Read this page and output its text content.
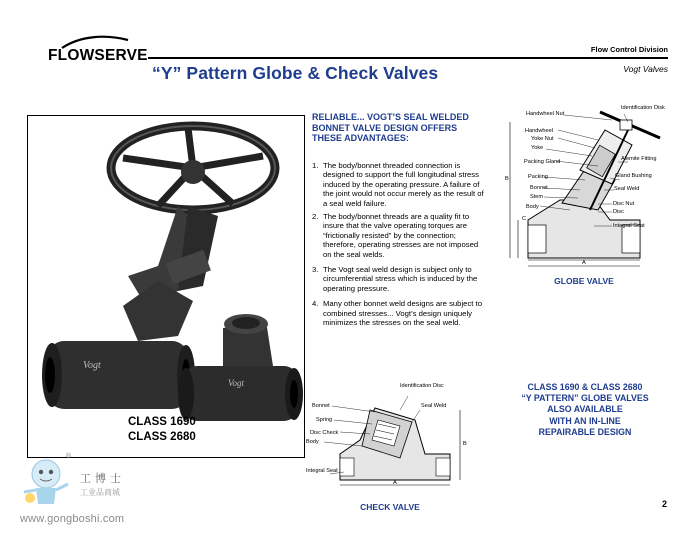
FLOWSERVE	Flow Control Division
“Y” Pattern Globe & Check Valves	Vogt Valves
Vogt
Vogt
CLASS 1690
CLASS 2680
RELIABLE... VOGT’S SEAL WELDED
BONNET VALVE DESIGN OFFERS
THESE ADVANTAGES:
1. The body/bonnet threaded connection is designed to support the full longitudinal stress induced by the operating pressure. A failure of the joint would not occur merely as the result of a seal weld failure.
2. The body/bonnet threads are a quality fit to insure that the valve operating torques are “frictionally resisted” by the connection; therefore, operating stresses are not imposed on the seal welds.
3. The Vogt seal weld design is subject only to circumferential stress which is induced by the operating pressure.
4. Many other bonnet weld designs are subject to combined stresses... Vogt’s design uniquely minimizes the stresses on the seal weld.
Handwheel Nut
Identification Disk
Handwheel
Yoke Nut
Yoke
Packing Gland	Alemite Fitting
Gland Bushing
Packing
Seal Weld
Bonnet
Stem
Disc Nut
Body
Disc
Integral Seat
B
C
A
GLOBE VALVE
Identification Disc
Bonnet	Seal Weld
Spring
Disc Check
Body
Integral Seat
A
B
CHECK VALVE
CLASS 1690 & CLASS 2680
“Y PATTERN” GLOBE VALVES
ALSO AVAILABLE
WITH AN IN-LINE
REPAIRABLE DESIGN
2
®
工博士
工业品商城
www.gongboshi.com
